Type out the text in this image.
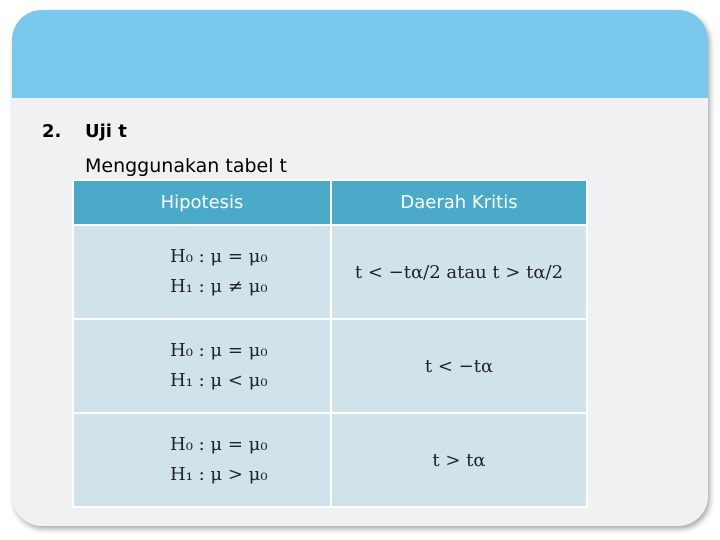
2. Uji t
Menggunakan tabel t
Hipotesis	Daerah Kritis

H₀ : μ = μ₀
H₁ : μ ≠ μ₀	t < −tα/2 atau t > tα/2

H₀ : μ = μ₀
H₁ : μ < μ₀	t < −tα

H₀ : μ = μ₀
H₁ : μ > μ₀	t > tα
